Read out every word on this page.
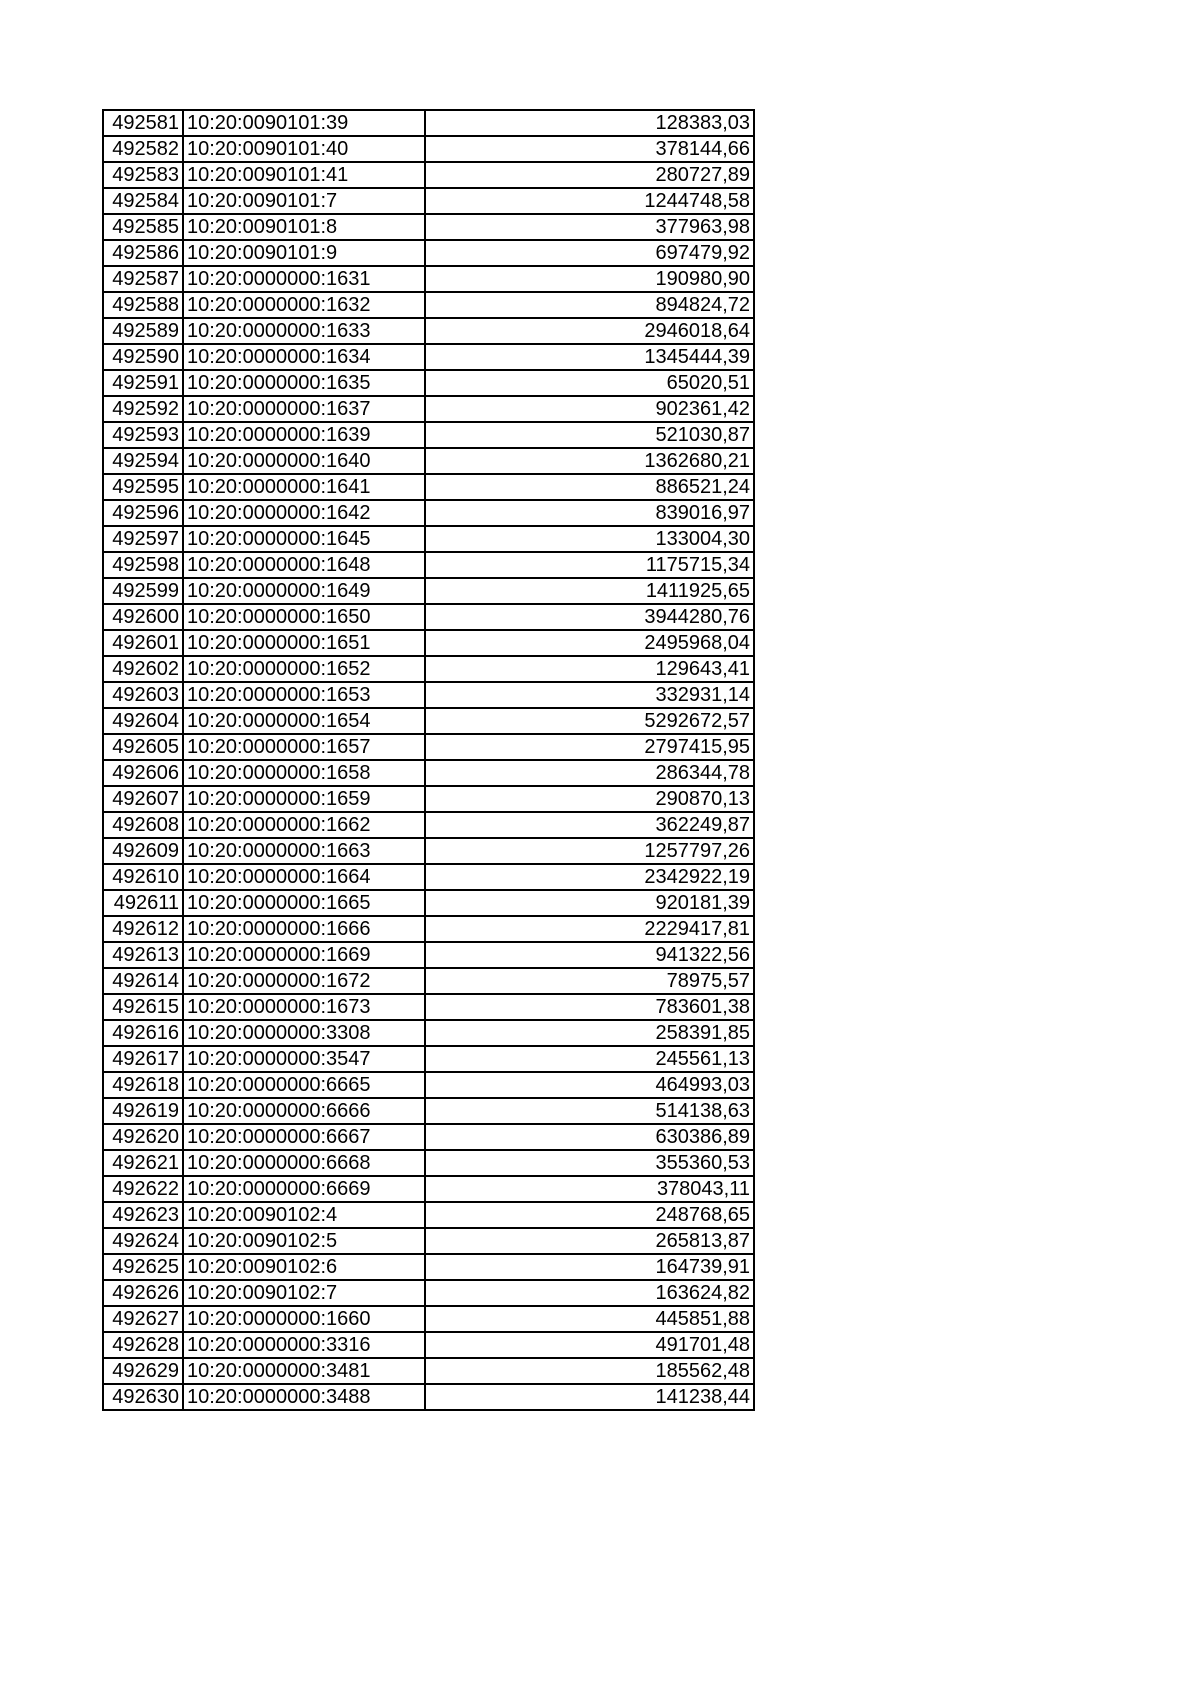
492581	10:20:0090101:39	128383,03
492582	10:20:0090101:40	378144,66
492583	10:20:0090101:41	280727,89
492584	10:20:0090101:7	1244748,58
492585	10:20:0090101:8	377963,98
492586	10:20:0090101:9	697479,92
492587	10:20:0000000:1631	190980,90
492588	10:20:0000000:1632	894824,72
492589	10:20:0000000:1633	2946018,64
492590	10:20:0000000:1634	1345444,39
492591	10:20:0000000:1635	65020,51
492592	10:20:0000000:1637	902361,42
492593	10:20:0000000:1639	521030,87
492594	10:20:0000000:1640	1362680,21
492595	10:20:0000000:1641	886521,24
492596	10:20:0000000:1642	839016,97
492597	10:20:0000000:1645	133004,30
492598	10:20:0000000:1648	1175715,34
492599	10:20:0000000:1649	1411925,65
492600	10:20:0000000:1650	3944280,76
492601	10:20:0000000:1651	2495968,04
492602	10:20:0000000:1652	129643,41
492603	10:20:0000000:1653	332931,14
492604	10:20:0000000:1654	5292672,57
492605	10:20:0000000:1657	2797415,95
492606	10:20:0000000:1658	286344,78
492607	10:20:0000000:1659	290870,13
492608	10:20:0000000:1662	362249,87
492609	10:20:0000000:1663	1257797,26
492610	10:20:0000000:1664	2342922,19
492611	10:20:0000000:1665	920181,39
492612	10:20:0000000:1666	2229417,81
492613	10:20:0000000:1669	941322,56
492614	10:20:0000000:1672	78975,57
492615	10:20:0000000:1673	783601,38
492616	10:20:0000000:3308	258391,85
492617	10:20:0000000:3547	245561,13
492618	10:20:0000000:6665	464993,03
492619	10:20:0000000:6666	514138,63
492620	10:20:0000000:6667	630386,89
492621	10:20:0000000:6668	355360,53
492622	10:20:0000000:6669	378043,11
492623	10:20:0090102:4	248768,65
492624	10:20:0090102:5	265813,87
492625	10:20:0090102:6	164739,91
492626	10:20:0090102:7	163624,82
492627	10:20:0000000:1660	445851,88
492628	10:20:0000000:3316	491701,48
492629	10:20:0000000:3481	185562,48
492630	10:20:0000000:3488	141238,44
